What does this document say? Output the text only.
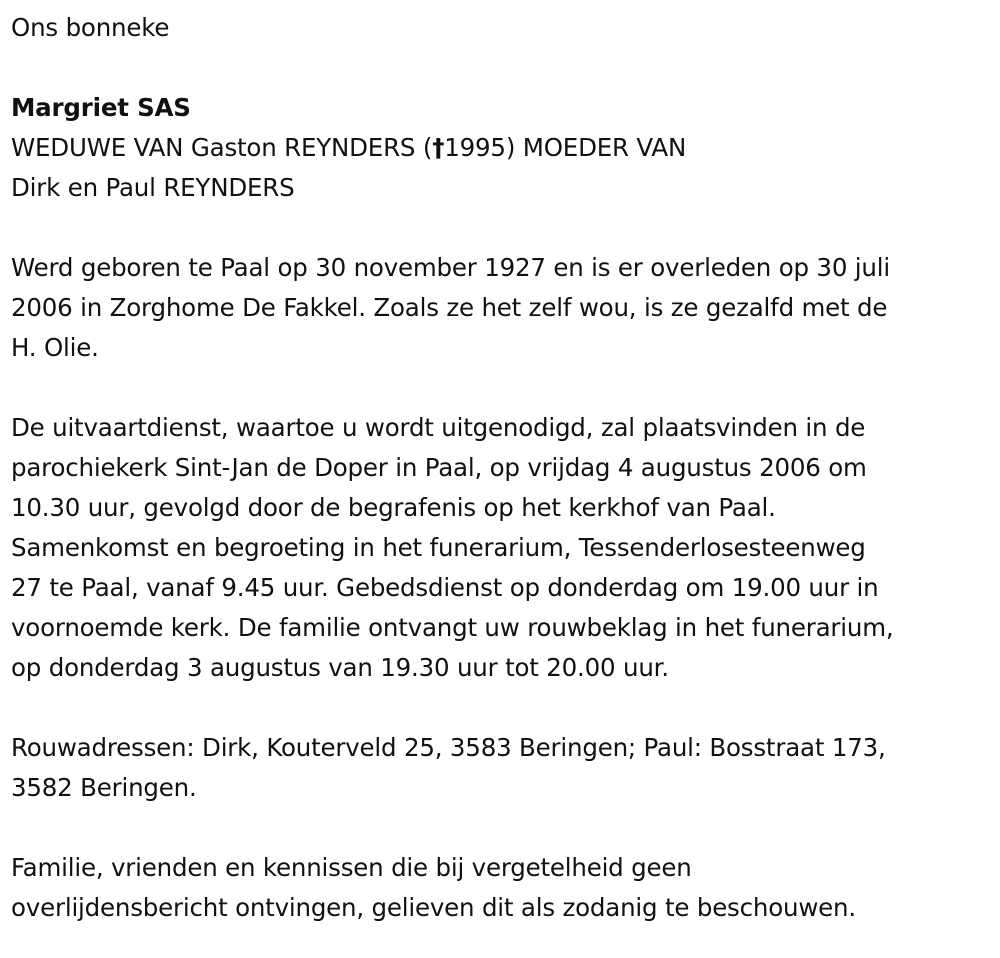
Ons bonneke
Margriet SAS
WEDUWE VAN Gaston REYNDERS (†1995) MOEDER VAN
Dirk en Paul REYNDERS
Werd geboren te Paal op 30 november 1927 en is er overleden op 30 juli
2006 in Zorghome De Fakkel. Zoals ze het zelf wou, is ze gezalfd met de
H. Olie.
De uitvaartdienst, waartoe u wordt uitgenodigd, zal plaatsvinden in de
parochiekerk Sint-Jan de Doper in Paal, op vrijdag 4 augustus 2006 om
10.30 uur, gevolgd door de begrafenis op het kerkhof van Paal.
Samenkomst en begroeting in het funerarium, Tessenderlosesteenweg
27 te Paal, vanaf 9.45 uur. Gebedsdienst op donderdag om 19.00 uur in
voornoemde kerk. De familie ontvangt uw rouwbeklag in het funerarium,
op donderdag 3 augustus van 19.30 uur tot 20.00 uur.
Rouwadressen: Dirk, Kouterveld 25, 3583 Beringen; Paul: Bosstraat 173,
3582 Beringen.
Familie, vrienden en kennissen die bij vergetelheid geen
overlijdensbericht ontvingen, gelieven dit als zodanig te beschouwen.
